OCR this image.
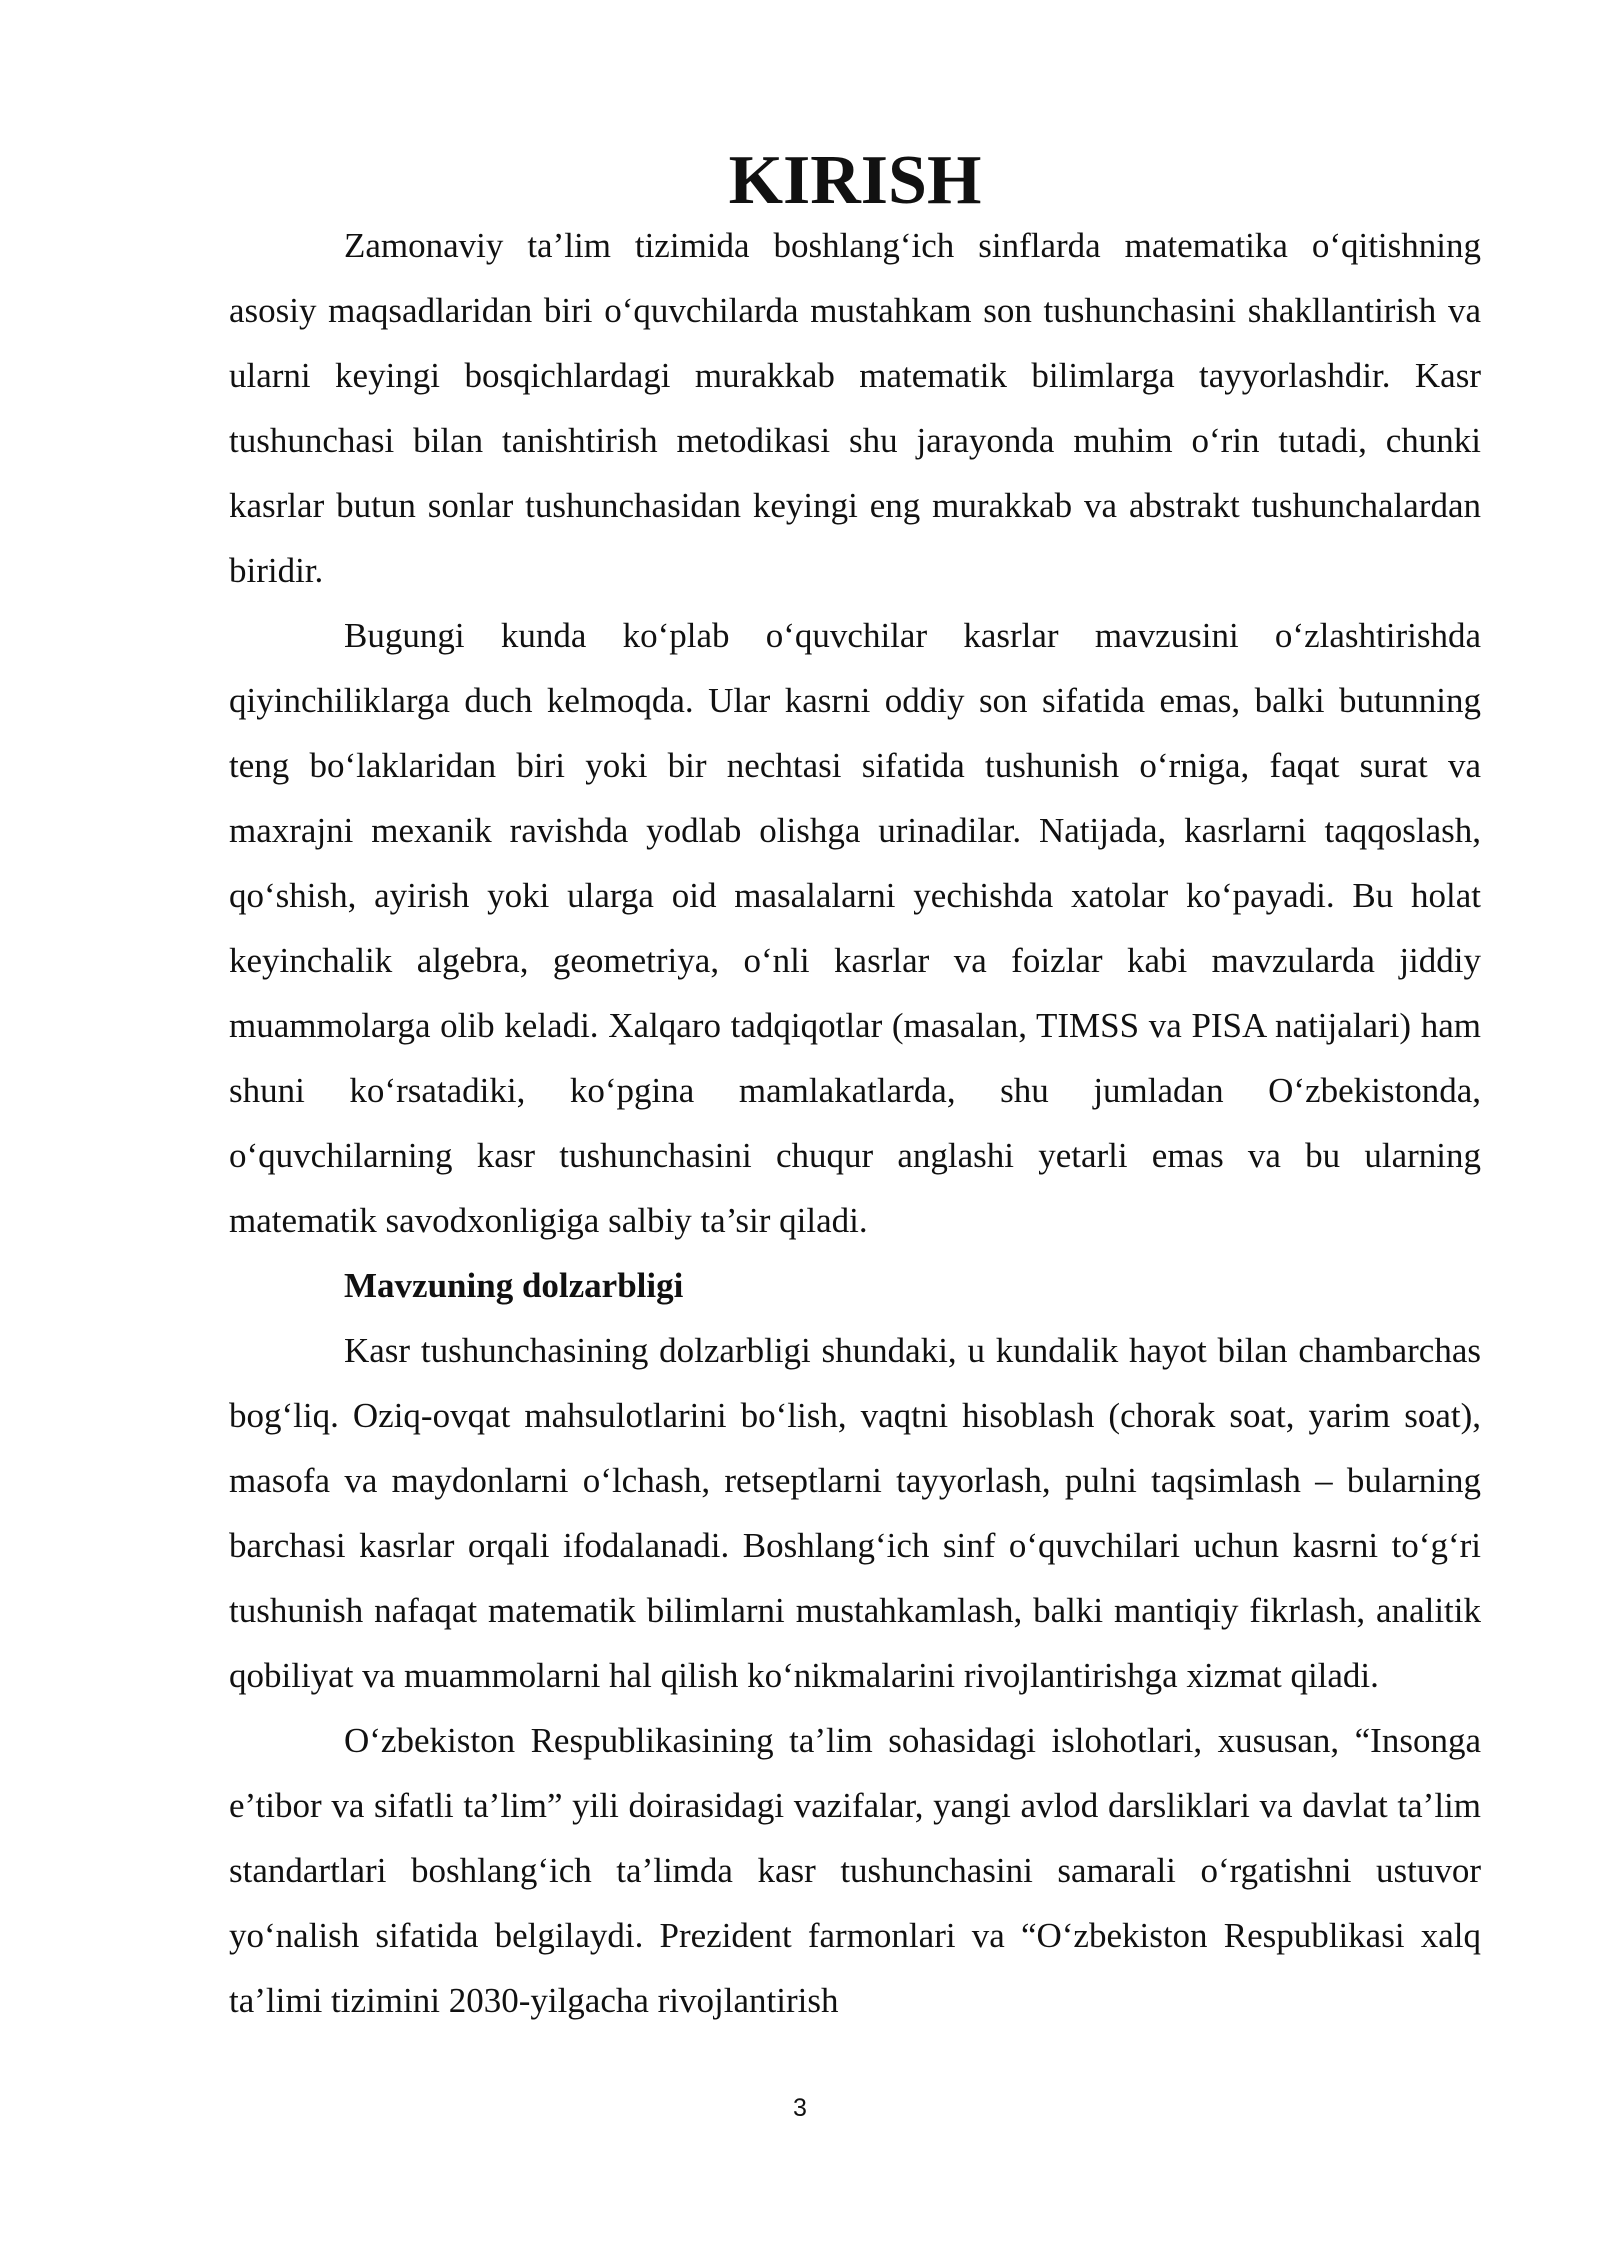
KIRISH

Zamonaviy ta’lim tizimida boshlang‘ich sinflarda matematika o‘qitishning asosiy maqsadlaridan biri o‘quvchilarda mustahkam son tushunchasini shakllantirish va ularni keyingi bosqichlardagi murakkab matematik bilimlarga tayyorlashdir. Kasr tushunchasi bilan tanishtirish metodikasi shu jarayonda muhim o‘rin tutadi, chunki kasrlar butun sonlar tushunchasidan keyingi eng murakkab va abstrakt tushunchalardan biridir.

Bugungi kunda ko‘plab o‘quvchilar kasrlar mavzusini o‘zlashtirishda qiyinchiliklarga duch kelmoqda. Ular kasrni oddiy son sifatida emas, balki butunning teng bo‘laklaridan biri yoki bir nechtasi sifatida tushunish o‘rniga, faqat surat va maxrajni mexanik ravishda yodlab olishga urinadilar. Natijada, kasrlarni taqqoslash, qo‘shish, ayirish yoki ularga oid masalalarni yechishda xatolar ko‘payadi. Bu holat keyinchalik algebra, geometriya, o‘nli kasrlar va foizlar kabi mavzularda jiddiy muammolarga olib keladi. Xalqaro tadqiqotlar (masalan, TIMSS va PISA natijalari) ham shuni ko‘rsatadiki, ko‘pgina mamlakatlarda, shu jumladan O‘zbekistonda, o‘quvchilarning kasr tushunchasini chuqur anglashi yetarli emas va bu ularning matematik savodxonligiga salbiy ta’sir qiladi.

Mavzuning dolzarbligi

Kasr tushunchasining dolzarbligi shundaki, u kundalik hayot bilan chambarchas bog‘liq. Oziq-ovqat mahsulotlarini bo‘lish, vaqtni hisoblash (chorak soat, yarim soat), masofa va maydonlarni o‘lchash, retseptlarni tayyorlash, pulni taqsimlash – bularning barchasi kasrlar orqali ifodalanadi. Boshlang‘ich sinf o‘quvchilari uchun kasrni to‘g‘ri tushunish nafaqat matematik bilimlarni mustahkamlash, balki mantiqiy fikrlash, analitik qobiliyat va muammolarni hal qilish ko‘nikmalarini rivojlantirishga xizmat qiladi.

O‘zbekiston Respublikasining ta’lim sohasidagi islohotlari, xususan, “Insonga e’tibor va sifatli ta’lim” yili doirasidagi vazifalar, yangi avlod darsliklari va davlat ta’lim standartlari boshlang‘ich ta’limda kasr tushunchasini samarali o‘rgatishni ustuvor yo‘nalish sifatida belgilaydi. Prezident farmonlari va “O‘zbekiston Respublikasi xalq ta’limi tizimini 2030-yilgacha rivojlantirish

3
